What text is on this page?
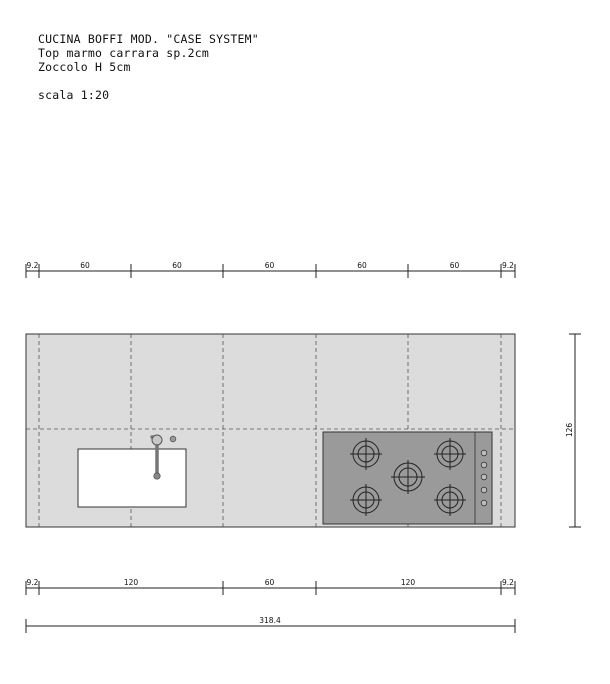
CUCINA BOFFI MOD. "CASE SYSTEM"
Top marmo carrara sp.2cm
Zoccolo H 5cm
scala 1:20
9.2	60	60	60	60	60	9.2
126
9.2	120	60	120	9.2
318.4
